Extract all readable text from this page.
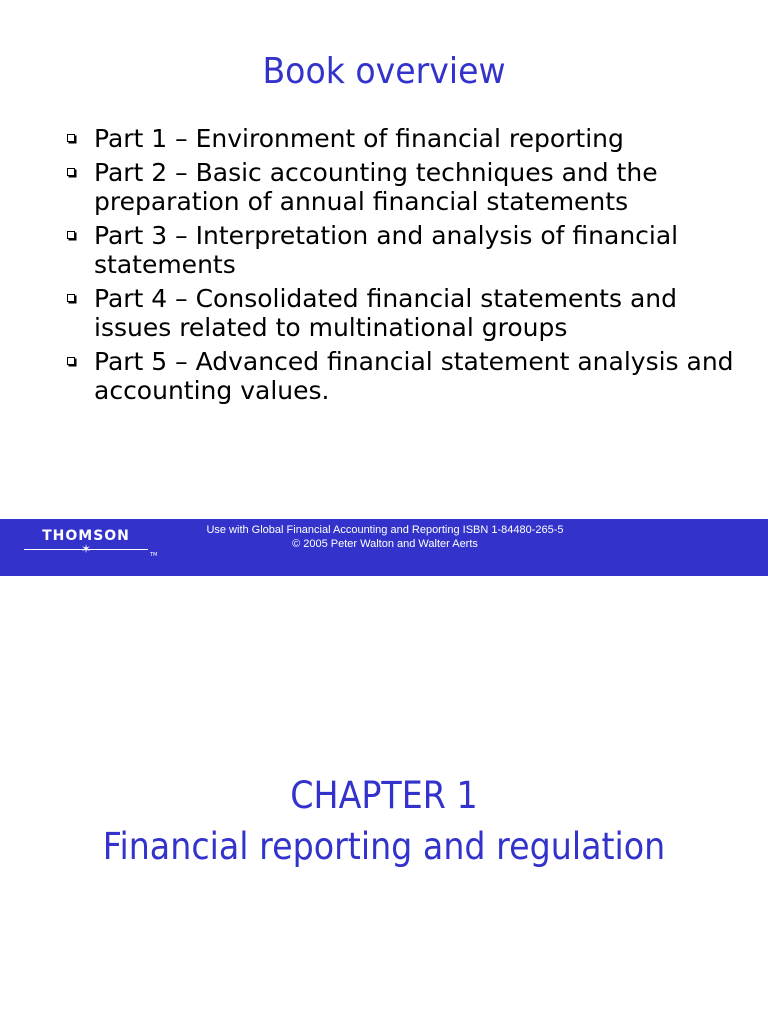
Book overview
Part 1 – Environment of financial reporting
Part 2 – Basic accounting techniques and the preparation of annual financial statements
Part 3 – Interpretation and analysis of financial statements
Part 4 – Consolidated financial statements and issues related to multinational groups
Part 5 – Advanced financial statement analysis and accounting values.
THOMSON
✶	TM
Use with Global Financial Accounting and Reporting ISBN 1-84480-265-5
© 2005 Peter Walton and Walter Aerts
CHAPTER 1
Financial reporting and regulation
